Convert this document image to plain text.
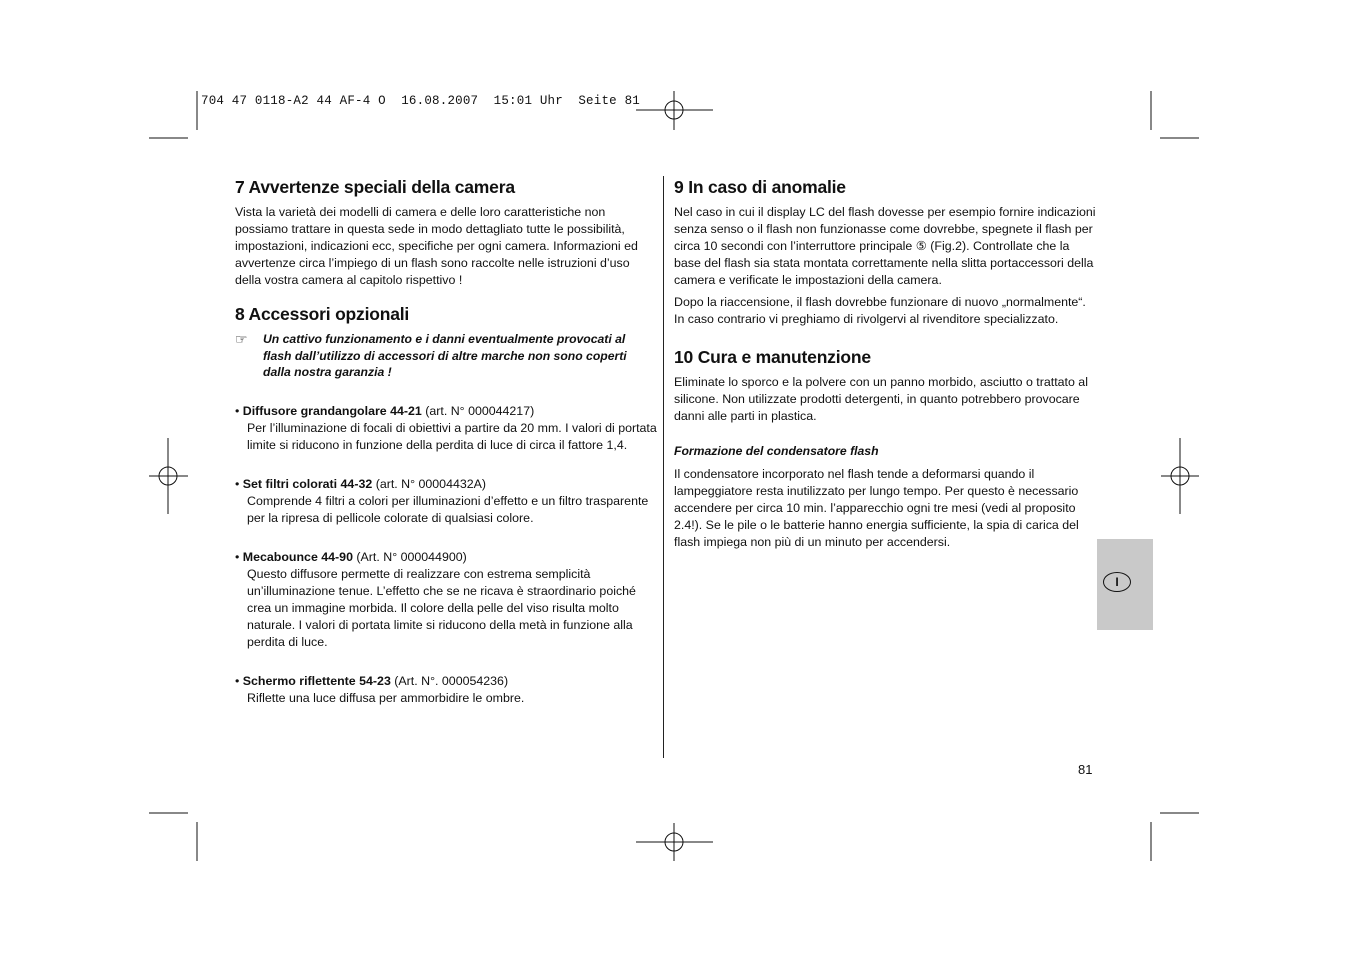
704 47 0118-A2 44 AF-4 O  16.08.2007  15:01 Uhr  Seite 81
7 Avvertenze speciali della camera

Vista la varietà dei modelli di camera e delle loro caratteristiche non possiamo trattare in questa sede in modo dettagliato tutte le possibilità, impostazioni, indicazioni ecc, specifiche per ogni camera. Informazioni ed avvertenze circa l’impiego di un flash sono raccolte nelle istruzioni d’uso della vostra camera al capitolo rispettivo !

8 Accessori opzionali
☞	Un cattivo funzionamento e i danni eventualmente provocati al flash dall’utilizzo di accessori di altre marche non sono coperti dalla nostra garanzia !

• Diffusore grandangolare 44-21 (art. N° 000044217)
Per l’illuminazione di focali di obiettivi a partire da 20 mm. I valori di portata limite si riducono in funzione della perdita di luce di circa il fattore 1,4.
• Set filtri colorati 44-32 (art. N° 00004432A)
Comprende 4 filtri a colori per illuminazioni d’effetto e un filtro trasparente per la ripresa di pellicole colorate di qualsiasi colore.
• Mecabounce 44-90 (Art. N° 000044900)
Questo diffusore permette di realizzare con estrema semplicità un’illuminazione tenue. L’effetto che se ne ricava è straordinario poiché crea un immagine morbida. Il colore della pelle del viso risulta molto naturale. I valori di portata limite si riducono della metà in funzione alla perdita di luce.
• Schermo riflettente 54-23 (Art. N°. 000054236)
Riflette una luce diffusa per ammorbidire le ombre.
9 In caso di anomalie

Nel caso in cui il display LC del flash dovesse per esempio fornire indicazioni senza senso o il flash non funzionasse come dovrebbe, spegnete il flash per circa 10 secondi con l’interruttore principale ⑤ (Fig.2). Controllate che la base del flash sia stata montata correttamente nella slitta portaccessori della camera e verificate le impostazioni della camera.

Dopo la riaccensione, il flash dovrebbe funzionare di nuovo „normalmente“. In caso contrario vi preghiamo di rivolgervi al rivenditore specializzato.

10 Cura e manutenzione

Eliminate lo sporco e la polvere con un panno morbido, asciutto o trattato al silicone. Non utilizzate prodotti detergenti, in quanto potrebbero provocare danni alle parti in plastica.

Formazione del condensatore flash

Il condensatore incorporato nel flash tende a deformarsi quando il lampeggiatore resta inutilizzato per lungo tempo. Per questo è necessario accendere per circa 10 min. l’apparecchio ogni tre mesi (vedi al proposito 2.4!). Se le pile o le batterie hanno energia sufficiente, la spia di carica del flash impiega non più di un minuto per accendersi.

I
81
